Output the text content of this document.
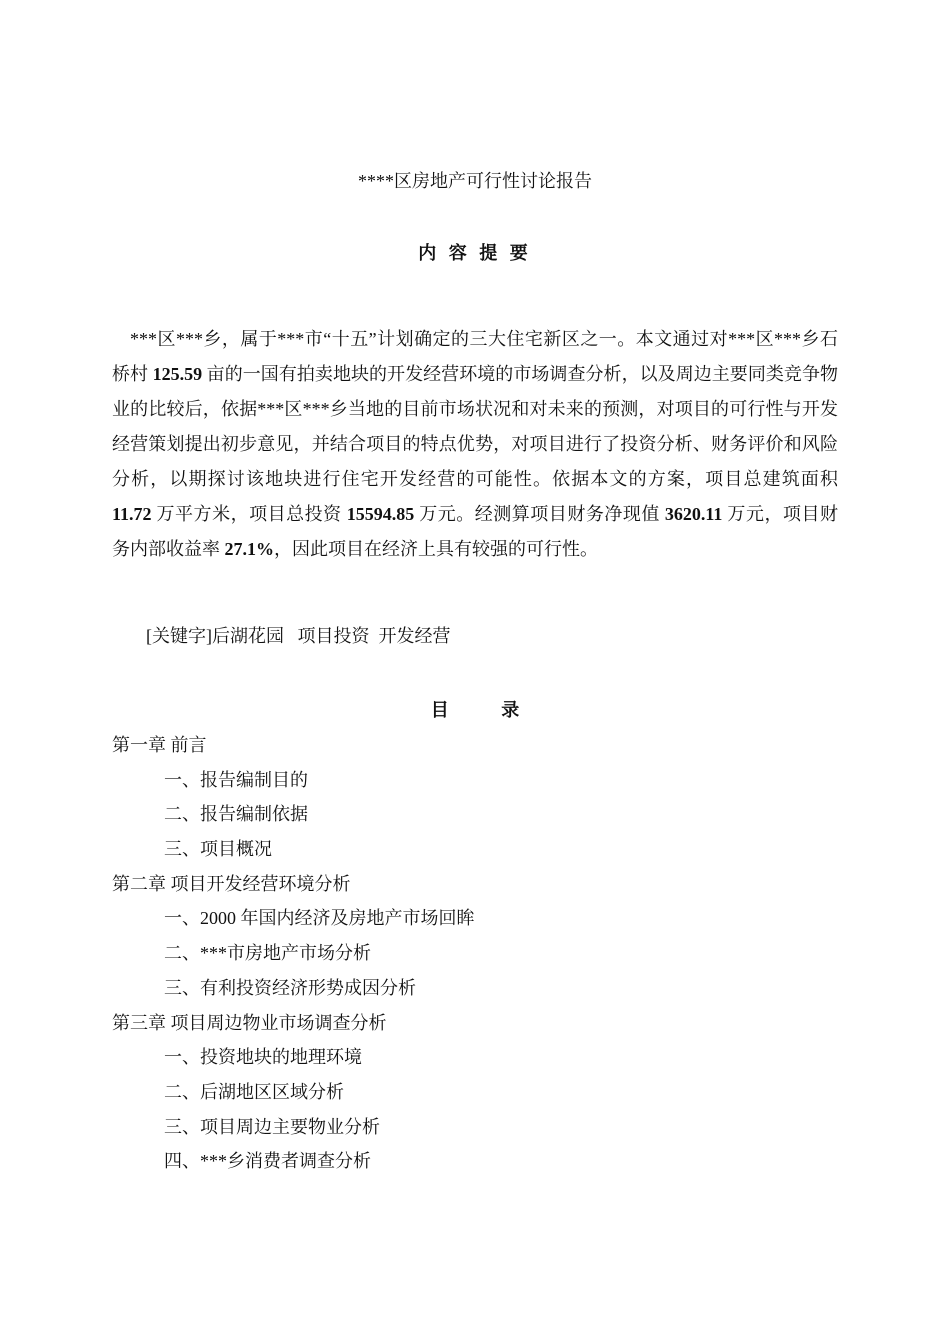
****区房地产可行性讨论报告
内 容 提 要

***区***乡，属于***市“十五”计划确定的三大住宅新区之一。本文通过对***区***乡石桥村 125.59 亩的一国有拍卖地块的开发经营环境的市场调查分析，以及周边主要同类竞争物业的比较后，依据***区***乡当地的目前市场状况和对未来的预测，对项目的可行性与开发经营策划提出初步意见，并结合项目的特点优势，对项目进行了投资分析、财务评价和风险分析，以期探讨该地块进行住宅开发经营的可能性。依据本文的方案，项目总建筑面积 11.72 万平方米，项目总投资 15594.85 万元。经测算项目财务净现值 3620.11 万元，项目财务内部收益率 27.1%，因此项目在经济上具有较强的可行性。

[关键字]后湖花园   项目投资  开发经营
目 录
第一章 前言
一、报告编制目的
二、报告编制依据
三、项目概况
第二章 项目开发经营环境分析
一、2000 年国内经济及房地产市场回眸
二、***市房地产市场分析
三、有利投资经济形势成因分析
第三章 项目周边物业市场调查分析
一、投资地块的地理环境
二、后湖地区区域分析
三、项目周边主要物业分析
四、***乡消费者调查分析
